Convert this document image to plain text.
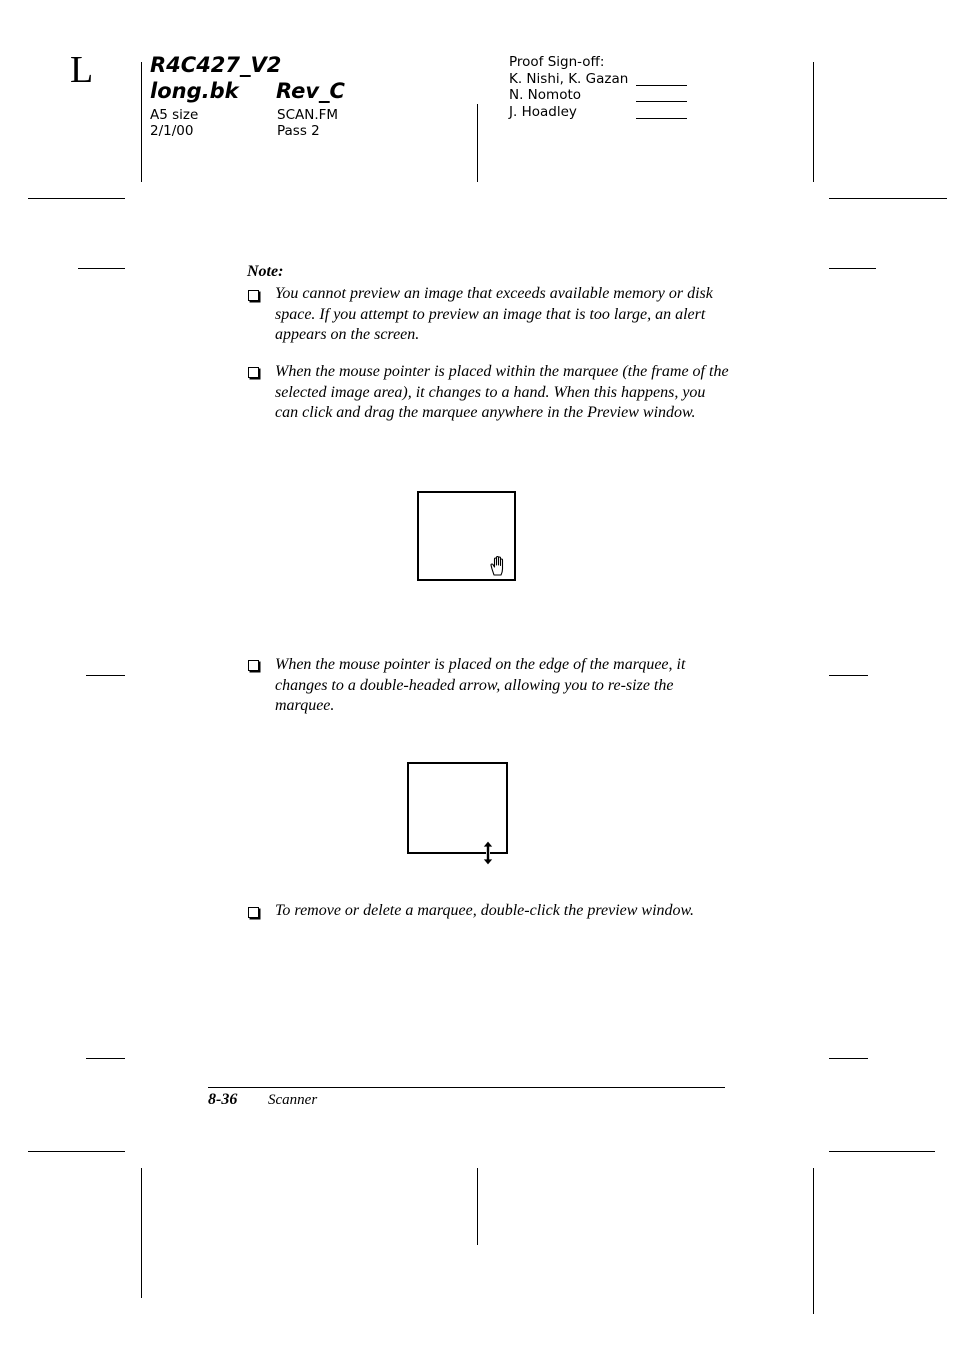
L	R4C427_V2
long.bk Rev_C
A5 size
2/1/00
SCAN.FM
Pass 2
Proof Sign-off:
K. Nishi, K. Gazan
N. Nomoto
J. Hoadley
Note:
You cannot preview an image that exceeds available memory or disk space. If you attempt to preview an image that is too large, an alert appears on the screen.
When the mouse pointer is placed within the marquee (the frame of the selected image area), it changes to a hand. When this happens, you can click and drag the marquee anywhere in the Preview window.
When the mouse pointer is placed on the edge of the marquee, it changes to a double-headed arrow, allowing you to re-size the marquee.
To remove or delete a marquee, double-click the preview window.
8-36 Scanner
